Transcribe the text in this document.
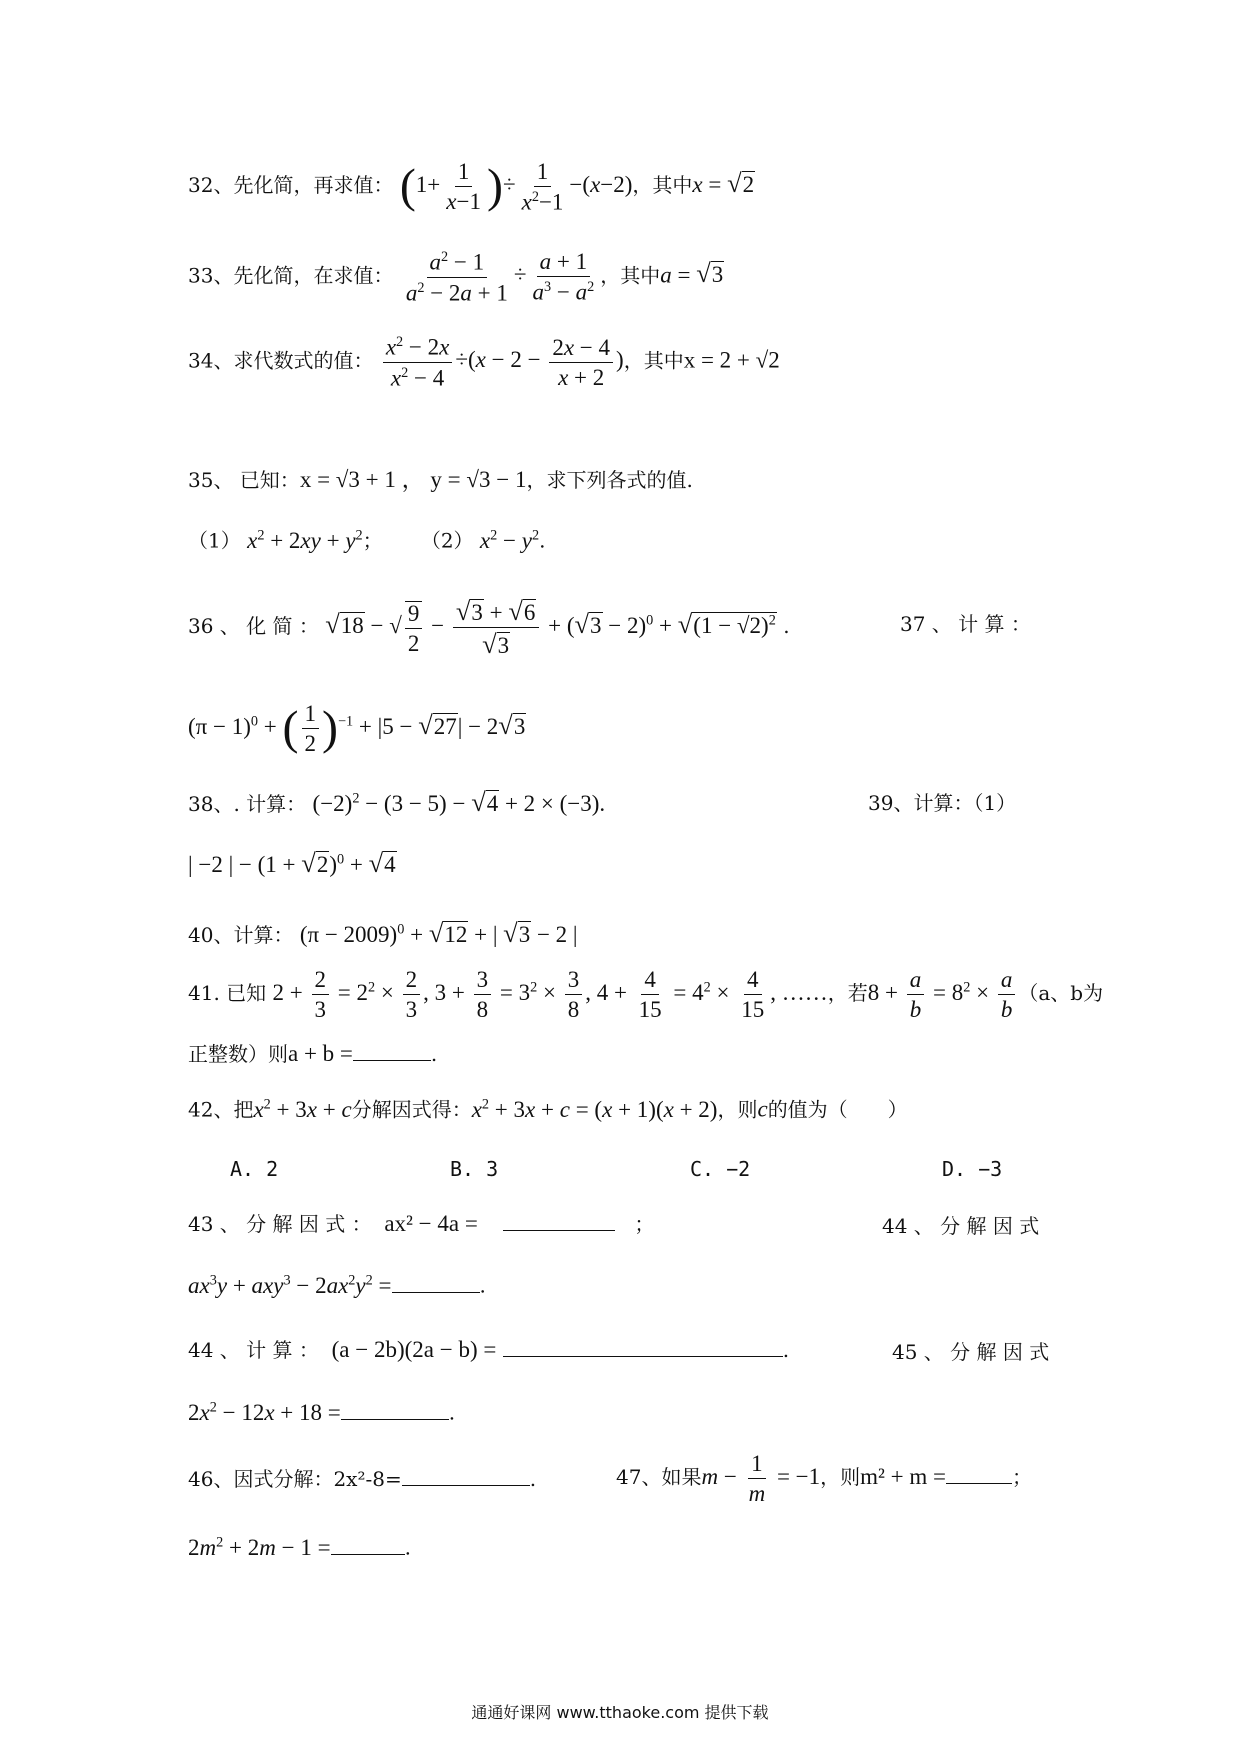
32、先化简，再求值： ($1+ \frac{1}{x-1}$ )÷ $\frac{1}{x^2-1} -(x-2)$，其中x = √2
33、先化简，在求值： $\frac{a^2 - 1}{a^2 - 2a + 1} \div \frac{a + 1}{a^3 - a^2}$ ，其中a = √3
34、求代数式的值： $\frac{x^2 - 2x}{x^2 - 4} \div(x - 2 - \frac{2x - 4}{x + 2}$ )，其中x = 2 + √2
35、 已知：x = √3 + 1 ， y = √3 − 1，求下列各式的值.
（1） $x^2 + 2xy + y^2$；      （2） $x^2 - y^2$.
36 、 化 简 ： √18 − √ $\frac{9}{2} - \frac{√3 + √6}{√3} + (√3 - 2)^0 + √(1 - √2)^2$ .	37 、 计 算 ：
$(\pi - 1)^0$ + ( $\frac{1}{2} )^{-1} + |5 - √27| - 2√3$
38、. 计算： $(-2)^2 - (3 - 5) - √4 + 2 \times (-3)$.	39、计算：（1）
| −2 | − $(1 + √2)^0 + √4$
40、计算： $(\pi - 2009)^0 + √12$ + | √3 − 2 |
41. 已知 $2 + \frac{2}{3} = 2^2 \times \frac{2}{3}$ , $3 + \frac{3}{8} = 3^2 \times \frac{3}{8}$ , $4 + \frac{4}{15} = 4^2 \times \frac{4}{15}$ , ……，若$8 + \frac{a}{b} = 8^2 \times \frac{a}{b} (a$、b为
正整数）则a + b =	.
42、把$x^2 + 3x + c$分解因式得：$x^2 + 3x + c = (x + 1)(x + 2)$，则c的值为（　　）
A. 2	B. 3	C. −2	D. −3
43 、 分 解 因 式 ： ax² − 4a =	；	44 、 分 解 因 式
$ax^3y + axy^3 - 2ax^2y^2$ =	.
44 、 计 算 ： (a − 2b)(2a − b) =	.	45 、 分 解 因 式
$2x^2 - 12x + 18$ =	.
46、因式分解：2x²-8=	.	47、如果$m - \frac{1}{m} = -1$，则m² + m =	；
$2m^2 + 2m - 1$ =	.
通通好课网 www.tthaoke.com 提供下载
